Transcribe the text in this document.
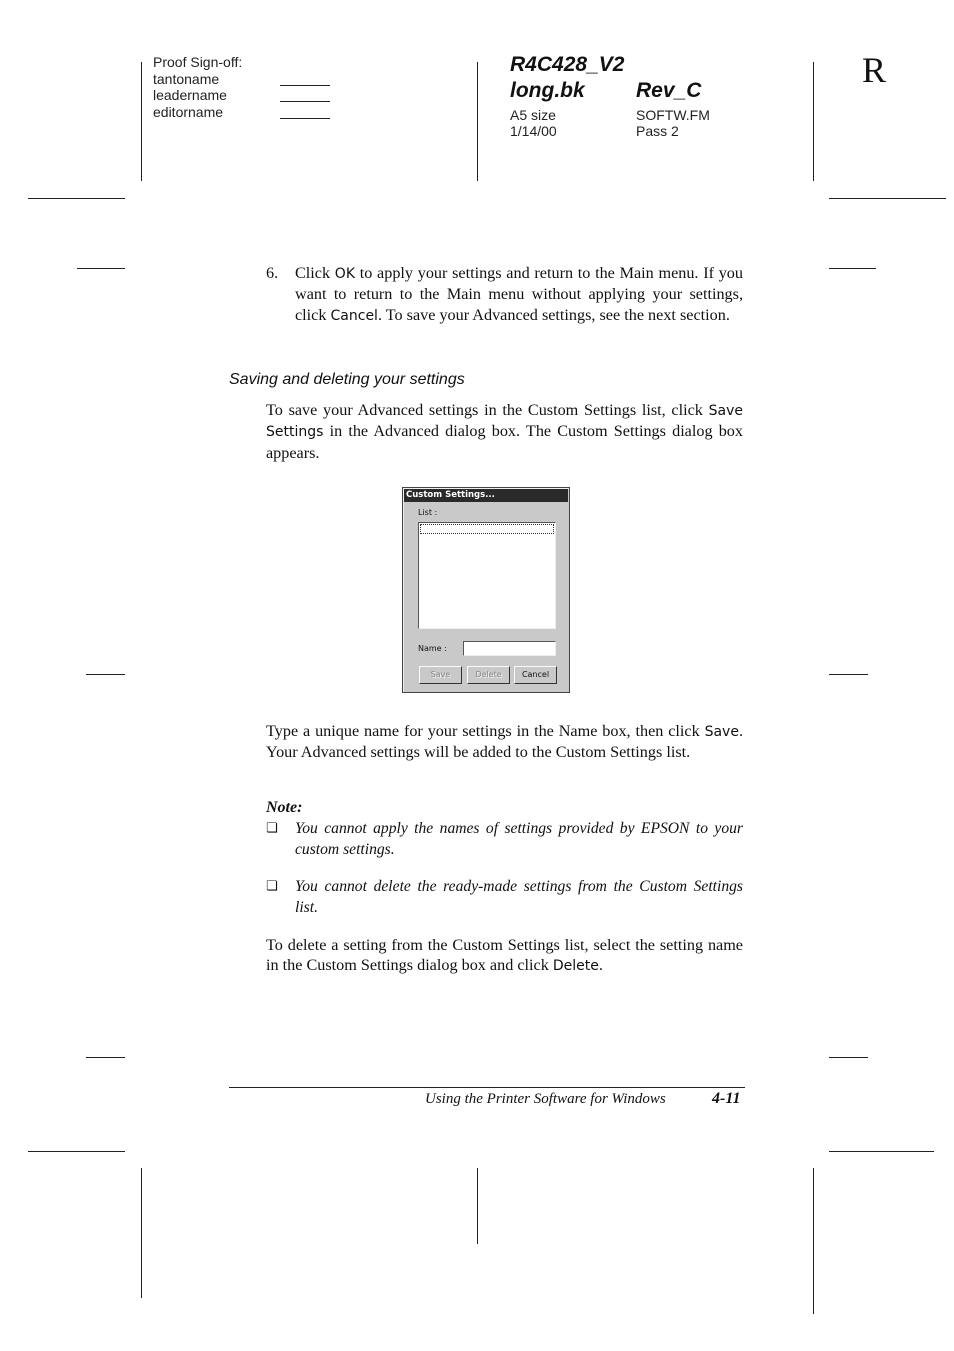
Proof Sign-off:
tantoname
leadername
editorname
R4C428_V2
long.bk Rev_C
A5 size
1/14/00
SOFTW.FM
Pass 2
R
6. Click OK to apply your settings and return to the Main menu. If you want to return to the Main menu without applying your settings, click Cancel. To save your Advanced settings, see the next section.
Saving and deleting your settings
To save your Advanced settings in the Custom Settings list, click Save Settings in the Advanced dialog box. The Custom Settings dialog box appears.
Custom Settings...
List :
Name :
Save	Delete	Cancel
Type a unique name for your settings in the Name box, then click Save. Your Advanced settings will be added to the Custom Settings list.
Note:
❏ You cannot apply the names of settings provided by EPSON to your custom settings.
❏ You cannot delete the ready-made settings from the Custom Settings list.
To delete a setting from the Custom Settings list, select the setting name in the Custom Settings dialog box and click Delete.
Using the Printer Software for Windows	4-11
